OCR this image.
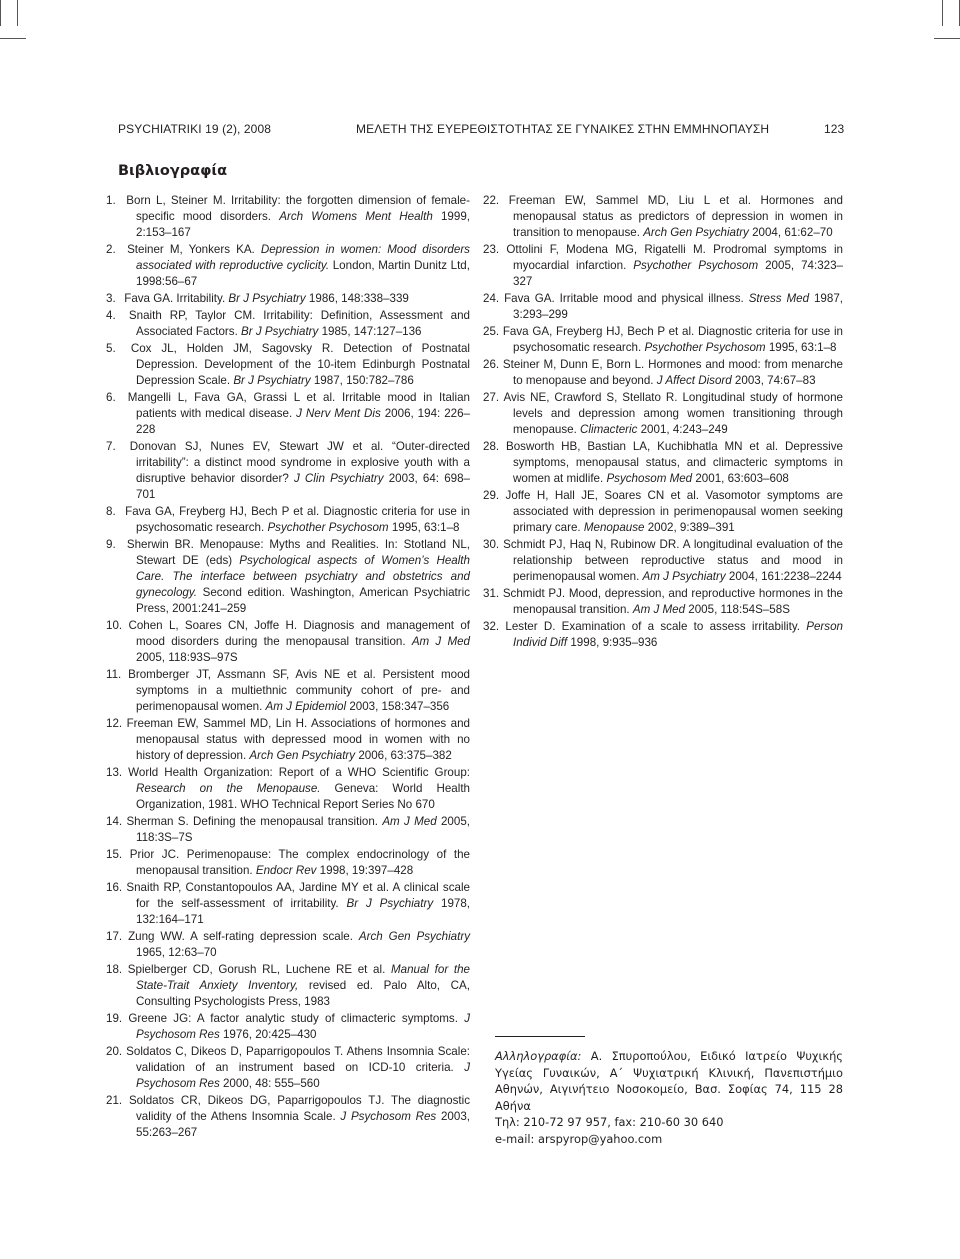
PSYCHIATRIKI 19 (2), 2008	ΜΕΛΕΤΗ ΤΗΣ ΕΥΕΡΕΘΙΣΤΟΤΗΤΑΣ ΣΕ ΓΥΝΑΙΚΕΣ ΣΤΗΝ ΕΜΜΗΝΟΠΑΥΣΗ	123
Βιβλιογραφία
1. Born L, Steiner M. Irritability: the forgotten dimension of female-specific mood disorders. Arch Womens Ment Health 1999, 2:153–167
2. Steiner M, Yonkers KA. Depression in women: Mood disorders associated with reproductive cyclicity. London, Martin Dunitz Ltd, 1998:56–67
3. Fava GA. Irritability. Br J Psychiatry 1986, 148:338–339
4. Snaith RP, Taylor CM. Irritability: Definition, Assessment and Associated Factors. Br J Psychiatry 1985, 147:127–136
5. Cox JL, Holden JM, Sagovsky R. Detection of Postnatal Depression. Development of the 10-item Edinburgh Postnatal Depression Scale. Br J Psychiatry 1987, 150:782–786
6. Mangelli L, Fava GA, Grassi L et al. Irritable mood in Italian patients with medical disease. J Nerv Ment Dis 2006, 194: 226–228
7. Donovan SJ, Nunes EV, Stewart JW et al. “Outer-directed irritability”: a distinct mood syndrome in explosive youth with a disruptive behavior disorder? J Clin Psychiatry 2003, 64: 698–701
8. Fava GA, Freyberg HJ, Bech P et al. Diagnostic criteria for use in psychosomatic research. Psychother Psychosom 1995, 63:1–8
9. Sherwin BR. Menopause: Myths and Realities. In: Stotland NL, Stewart DE (eds) Psychological aspects of Women’s Health Care. The interface between psychiatry and obstetrics and gynecology. Second edition. Washington, American Psychiatric Press, 2001:241–259
10. Cohen L, Soares CN, Joffe H. Diagnosis and management of mood disorders during the menopausal transition. Am J Med 2005, 118:93S–97S
11. Bromberger JT, Assmann SF, Avis NE et al. Persistent mood symptoms in a multiethnic community cohort of pre- and perimenopausal women. Am J Epidemiol 2003, 158:347–356
12. Freeman EW, Sammel MD, Lin H. Associations of hormones and menopausal status with depressed mood in women with no history of depression. Arch Gen Psychiatry 2006, 63:375–382
13. World Health Organization: Report of a WHO Scientific Group: Research on the Menopause. Geneva: World Health Organization, 1981. WHO Technical Report Series No 670
14. Sherman S. Defining the menopausal transition. Am J Med 2005, 118:3S–7S
15. Prior JC. Perimenopause: The complex endocrinology of the menopausal transition. Endocr Rev 1998, 19:397–428
16. Snaith RP, Constantopoulos AA, Jardine MY et al. A clinical scale for the self-assessment of irritability. Br J Psychiatry 1978, 132:164–171
17. Zung WW. A self-rating depression scale. Arch Gen Psychiatry 1965, 12:63–70
18. Spielberger CD, Gorush RL, Luchene RE et al. Manual for the State-Trait Anxiety Inventory, revised ed. Palo Alto, CA, Consulting Psychologists Press, 1983
19. Greene JG: A factor analytic study of climacteric symptoms. J Psychosom Res 1976, 20:425–430
20. Soldatos C, Dikeos D, Paparrigopoulos T. Athens Insomnia Scale: validation of an instrument based on ICD-10 criteria. J Psychosom Res 2000, 48: 555–560
21. Soldatos CR, Dikeos DG, Paparrigopoulos TJ. The diagnostic validity of the Athens Insomnia Scale. J Psychosom Res 2003, 55:263–267
22. Freeman EW, Sammel MD, Liu L et al. Hormones and menopausal status as predictors of depression in women in transition to menopause. Arch Gen Psychiatry 2004, 61:62–70
23. Ottolini F, Modena MG, Rigatelli M. Prodromal symptoms in myocardial infarction. Psychother Psychosom 2005, 74:323–327
24. Fava GA. Irritable mood and physical illness. Stress Med 1987, 3:293–299
25. Fava GA, Freyberg HJ, Bech P et al. Diagnostic criteria for use in psychosomatic research. Psychother Psychosom 1995, 63:1–8
26. Steiner M, Dunn E, Born L. Hormones and mood: from menarche to menopause and beyond. J Affect Disord 2003, 74:67–83
27. Avis NE, Crawford S, Stellato R. Longitudinal study of hormone levels and depression among women transitioning through menopause. Climacteric 2001, 4:243–249
28. Bosworth HB, Bastian LA, Kuchibhatla MN et al. Depressive symptoms, menopausal status, and climacteric symptoms in women at midlife. Psychosom Med 2001, 63:603–608
29. Joffe H, Hall JE, Soares CN et al. Vasomotor symptoms are associated with depression in perimenopausal women seeking primary care. Menopause 2002, 9:389–391
30. Schmidt PJ, Haq N, Rubinow DR. A longitudinal evaluation of the relationship between reproductive status and mood in perimenopausal women. Am J Psychiatry 2004, 161:2238–2244
31. Schmidt PJ. Mood, depression, and reproductive hormones in the menopausal transition. Am J Med 2005, 118:54S–58S
32. Lester D. Examination of a scale to assess irritability. Person Individ Diff 1998, 9:935–936
Αλληλογραφία: Α. Σπυροπούλου, Ειδικό Ιατρείο Ψυχικής Υγείας Γυναικών, Α΄ Ψυχιατρική Κλινική, Πανεπιστήμιο Αθηνών, Αιγινήτειο Νοσοκομείο, Βασ. Σοφίας 74, 115 28 Αθήνα
Τηλ: 210-72 97 957, fax: 210-60 30 640
e-mail: arspyrop@yahoo.com
